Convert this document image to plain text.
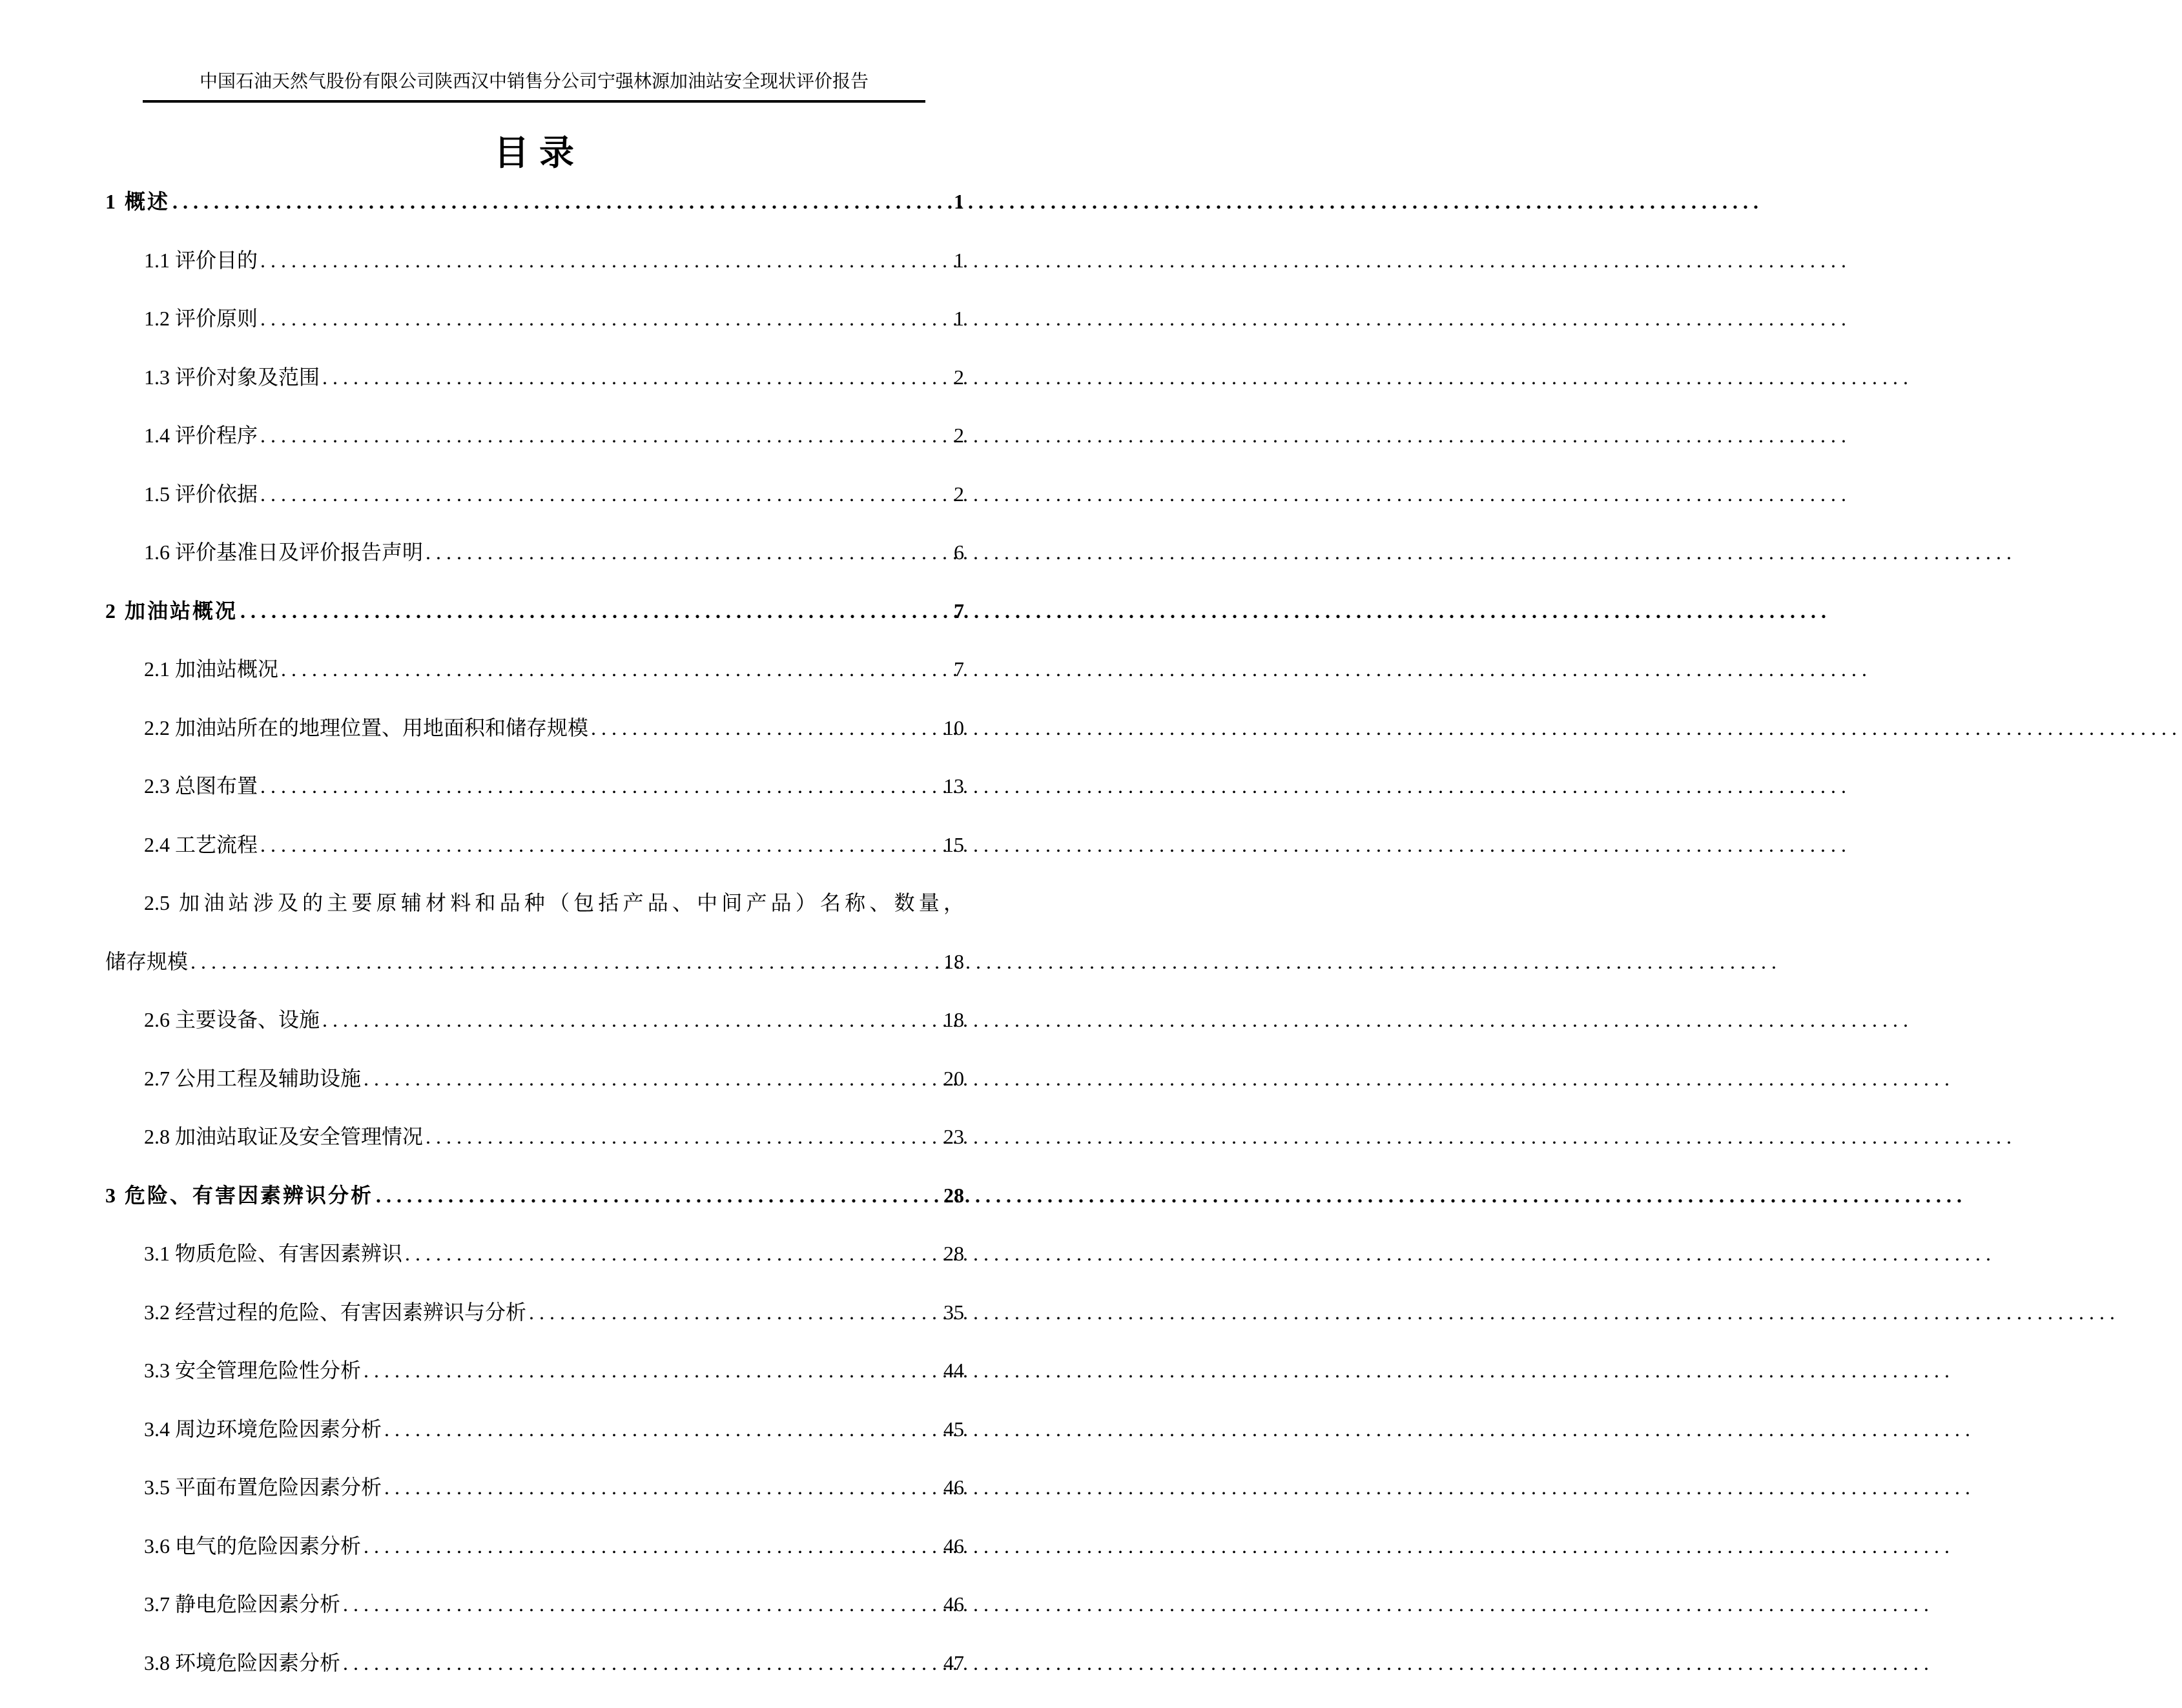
中国石油天然气股份有限公司陕西汉中销售分公司宁强林源加油站安全现状评价报告
目录
1 概述 .....	1
1.1 评价目的 .....	1
1.2 评价原则 .....	1
1.3 评价对象及范围 .....	2
1.4 评价程序 .....	2
1.5 评价依据 .....	2
1.6 评价基准日及评价报告声明 .....	6
2 加油站概况 .....	7
2.1 加油站概况 .....	7
2.2 加油站所在的地理位置、用地面积和储存规模 .....	10
2.3 总图布置 .....	13
2.4 工艺流程 .....	15
2.5 加油站涉及的主要原辅材料和品种（包括产品、中间产品）名称、数量，
储存规模 .....	18
2.6 主要设备、设施 .....	18
2.7 公用工程及辅助设施 .....	20
2.8 加油站取证及安全管理情况 .....	23
3 危险、有害因素辨识分析 .....	28
3.1 物质危险、有害因素辨识 .....	28
3.2 经营过程的危险、有害因素辨识与分析 .....	35
3.3 安全管理危险性分析 .....	44
3.4 周边环境危险因素分析 .....	45
3.5 平面布置危险因素分析 .....	46
3.6 电气的危险因素分析 .....	46
3.7 静电危险因素分析 .....	46
3.8 环境危险因素分析 .....	47
